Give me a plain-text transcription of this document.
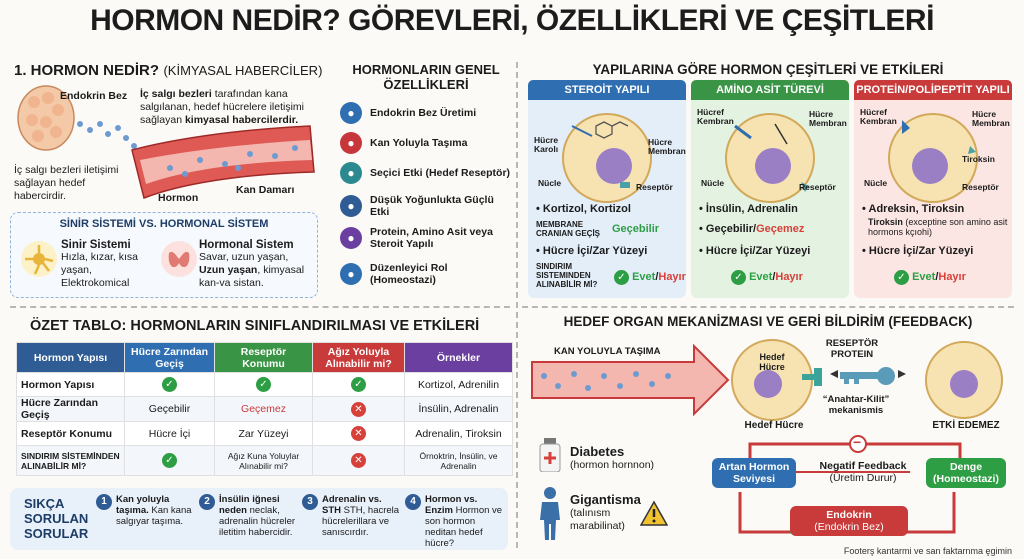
HORMON NEDİR? GÖREVLERİ, ÖZELLİKLERİ VE ÇEŞİTLERİ
1. HORMON NEDİR? (KİMYASAL HABERCİLER)
Endokrin Bez İç salgı bezleri tarafından kana salgılanan, hedef hücrelere iletişimi sağlayan kimyasal habercilerdir.
İç salgı bezleri iletişimi sağlayan hedef habercirdir.	Hormon
Kan Damarı
SİNİR SİSTEMİ VS. HORMONAL SİSTEM
Sinir Sistemi
Hızla, kızar, kısa yaşan, Elektrokomical
Hormonal Sistem
Savar, uzun yaşan, Uzun yaşan, kimyasal kan-va sistan.
HORMONLARIN GENEL ÖZELLİKLERİ
●	Endokrin Bez Üretimi
●	Kan Yoluyla Taşıma
●	Seçici Etki (Hedef Reseptör)
●	Düşük Yoğunlukta Güçlü Etki
●	Protein, Amino Asit veya Steroit Yapılı
●	Düzenleyici Rol (Homeostazi)
YAPILARINA GÖRE HORMON ÇEŞİTLERİ VE ETKİLERİ
STEROİT YAPILI
Hücre Karolı
Hücre Membran
Nücle	Reseptör
• Kortizol, Kortizol
MEMBRANE CRANIAN GEÇİŞ Geçebilir
• Hücre İçi/Zar Yüzeyi
SINDIRIM SISTEMINDEN ALINABİLİR Mİ?
✓ Evet/Hayır
AMİNO ASİT TÜREVİ
Hücref Kembran
Hücre Membran
Nücle	Reseptör
• İnsülin, Adrenalin
• Geçebilir/Geçemez
• Hücre İçi/Zar Yüzeyi
✓ Evet/Hayır
PROTEİN/POLİPEPTİT YAPILI
Hücref Kembran
Hücre Membran
Tiroksin
Nücle	Reseptör
• Adreksin, Tiroksin
Tiroksin (exceptine son amino asit hormons kçıohi)
• Hücre İçi/Zar Yüzeyi
✓ Evet/Hayır
ÖZET TABLO: HORMONLARIN SINIFLANDIRILMASI VE ETKİLERİ
Hormon Yapısı	Hücre Zarından Geçiş	Reseptör Konumu	Ağız Yoluyla Alınabilir mi?	Örnekler
Hormon Yapısı	✓	✓	✓	Kortizol, Adrenilin
Hücre Zarından Geçiş	Geçebilir	Geçemez	✕	İnsülin, Adrenalin
Reseptör Konumu	Hücre İçi	Zar Yüzeyi	✕	Adrenalin, Tiroksin
SINDIRIM SİSTEMİNDEN ALINABİLİR Mİ?	✓	Ağız Kuna Yoluylar Alınabilir mi?	✕	Örnoktrin, İnsülin, ve Adrenalin
SIKÇA SORULAN SORULAR
1 Kan yoluyla taşıma. Kan kana salgıyar taşıma.
2 İnsülin iğnesi neden neclak, adrenalin hücreler iletitim habercidir.
3 Adrenalin vs. STH STH, hacrela hücrelerillara ve sanıscırdır.
4 Hormon vs. Enzim Hormon ve son hormon neditan hedef hücre?
HEDEF ORGAN MEKANİZMASI VE GERİ BİLDİRİM (FEEDBACK)
KAN YOLUYLA TAŞIMA	Hedef Hücre
RESEPTÖR PROTEIN
“Anahtar-Kilit” mekanismis
Hedef Hücre	ETKİ EDEMEZ
Diabetes
(hormon hornnon)
Gigantisma
(talınısm marabilinat)
−
Artan Hormon Seviyesi
Negatif Feedback
(Üretim Durur)
Denge (Homeostazi)
Endokrin
(Endokrin Bez)
Footerş kantarmi ve san faktarnma ęgimin
